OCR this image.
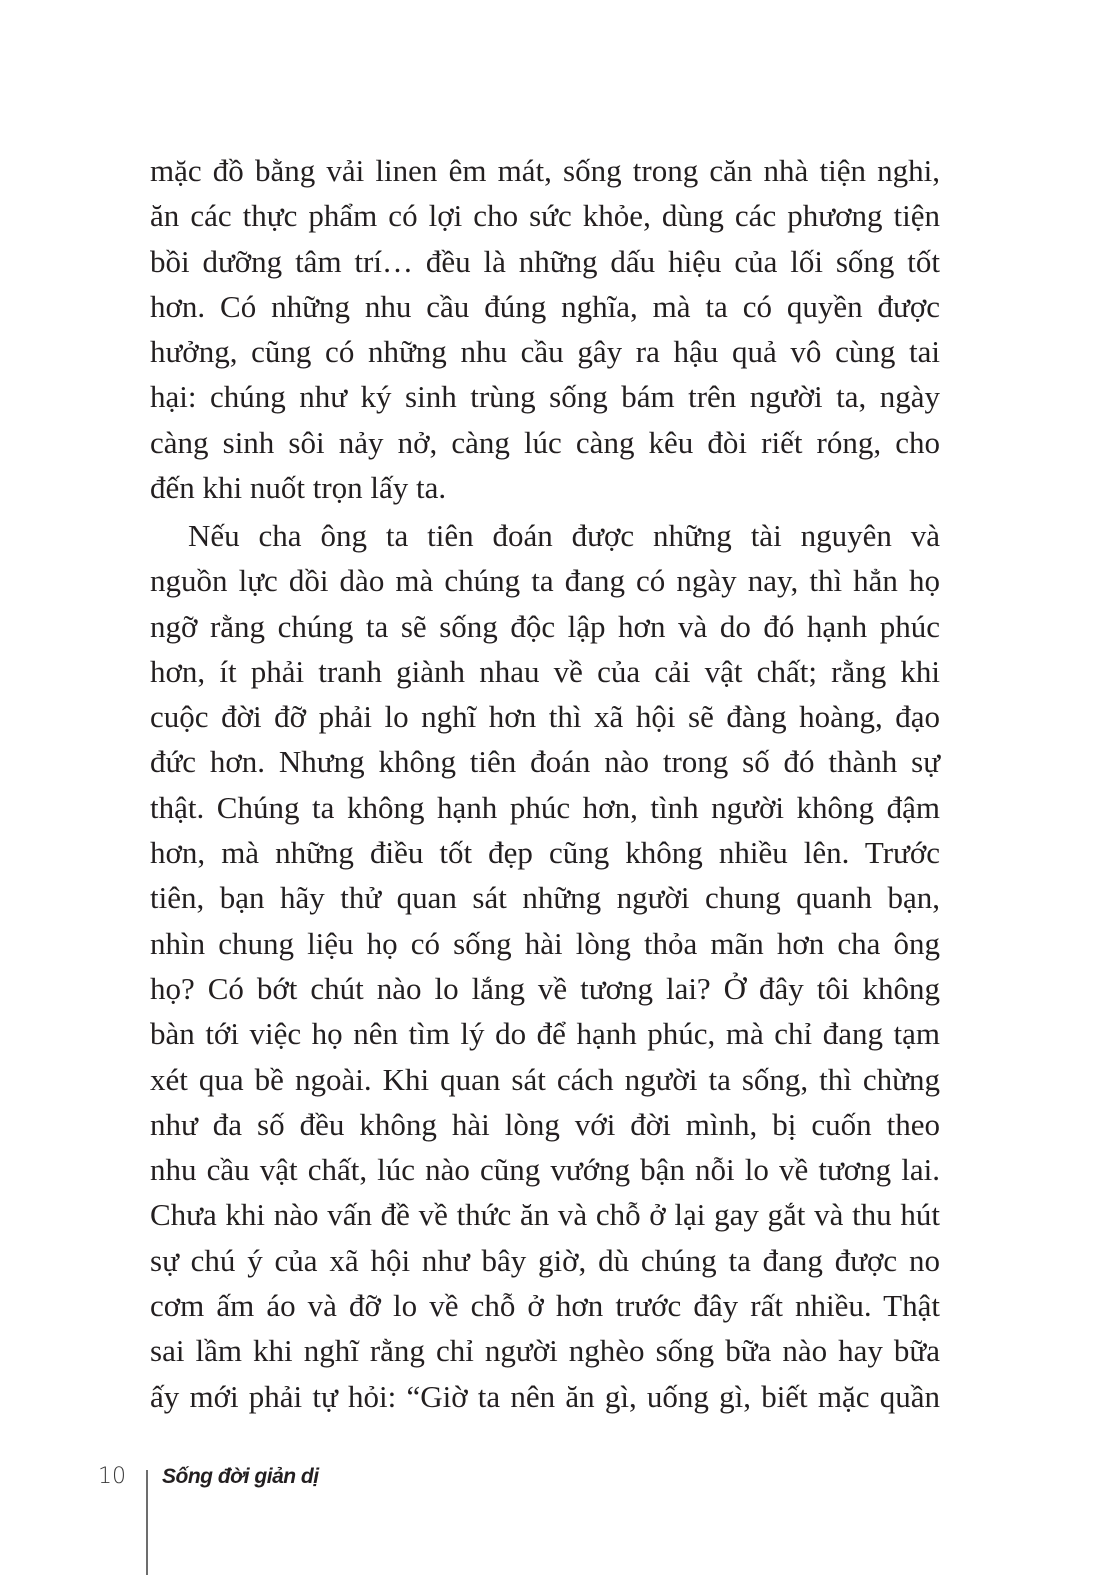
mặc đồ bằng vải linen êm mát, sống trong căn nhà tiện nghi,
ăn các thực phẩm có lợi cho sức khỏe, dùng các phương tiện
bồi dưỡng tâm trí… đều là những dấu hiệu của lối sống tốt
hơn. Có những nhu cầu đúng nghĩa, mà ta có quyền được
hưởng, cũng có những nhu cầu gây ra hậu quả vô cùng tai
hại: chúng như ký sinh trùng sống bám trên người ta, ngày
càng sinh sôi nảy nở, càng lúc càng kêu đòi riết róng, cho
đến khi nuốt trọn lấy ta.
Nếu cha ông ta tiên đoán được những tài nguyên và
nguồn lực dồi dào mà chúng ta đang có ngày nay, thì hẳn họ
ngỡ rằng chúng ta sẽ sống độc lập hơn và do đó hạnh phúc
hơn, ít phải tranh giành nhau về của cải vật chất; rằng khi
cuộc đời đỡ phải lo nghĩ hơn thì xã hội sẽ đàng hoàng, đạo
đức hơn. Nhưng không tiên đoán nào trong số đó thành sự
thật. Chúng ta không hạnh phúc hơn, tình người không đậm
hơn, mà những điều tốt đẹp cũng không nhiều lên. Trước
tiên, bạn hãy thử quan sát những người chung quanh bạn,
nhìn chung liệu họ có sống hài lòng thỏa mãn hơn cha ông
họ? Có bớt chút nào lo lắng về tương lai? Ở đây tôi không
bàn tới việc họ nên tìm lý do để hạnh phúc, mà chỉ đang tạm
xét qua bề ngoài. Khi quan sát cách người ta sống, thì chừng
như đa số đều không hài lòng với đời mình, bị cuốn theo
nhu cầu vật chất, lúc nào cũng vướng bận nỗi lo về tương lai.
Chưa khi nào vấn đề về thức ăn và chỗ ở lại gay gắt và thu hút
sự chú ý của xã hội như bây giờ, dù chúng ta đang được no
cơm ấm áo và đỡ lo về chỗ ở hơn trước đây rất nhiều. Thật
sai lầm khi nghĩ rằng chỉ người nghèo sống bữa nào hay bữa
ấy mới phải tự hỏi: “Giờ ta nên ăn gì, uống gì, biết mặc quần
10 Sống đời giản dị
